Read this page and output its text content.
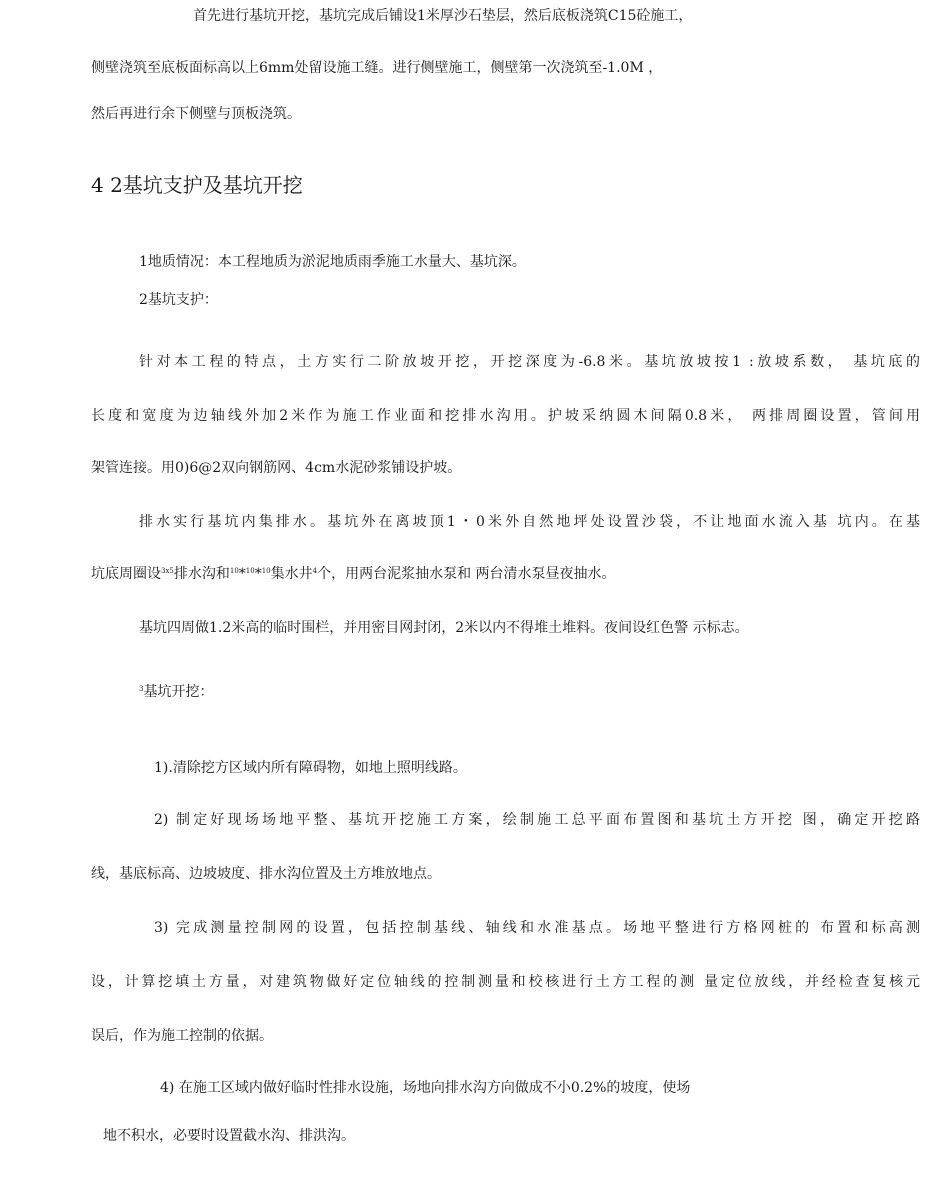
首先进行基坑开挖，基坑完成后铺设1米厚沙石垫层，然后底板浇筑C15砼施工，
侧壁浇筑至底板面标高以上6mm处留设施工缝。进行侧壁施工，侧壁第一次浇筑至-1.0M ，
然后再进行余下侧壁与顶板浇筑。
4 2基坑支护及基坑开挖
1地质情况：本工程地质为淤泥地质雨季施工水量大、基坑深。
2基坑支护：
针对本工程的特点，土方实行二阶放坡开挖，开挖深度为-6.8米。基坑放坡按1 :放坡系数， 基坑底的
长度和宽度为边轴线外加2米作为施工作业面和挖排水沟用。护坡采纳圆木间隔0.8米， 两排周圈设置，管间用
架管连接。用0)6@2双向钢筋网、4cm水泥砂浆铺设护坡。
排水实行基坑内集排水。基坑外在离坡顶1・0米外自然地坪处设置沙袋，不让地面水流入基 坑内。在基
坑底周圈设$^{3x5}$排水沟和$^{10}$*$^{10}$*$^{10}$集水井$^4$个，用两台泥浆抽水泵和 两台清水泵昼夜抽水。
基坑四周做1.2米高的临时围栏，并用密目网封闭，2米以内不得堆土堆料。夜间设红色警 示标志。
$^3$基坑开挖：
1).清除挖方区域内所有障碍物，如地上照明线路。
2) 制定好现场场地平整、基坑开挖施工方案，绘制施工总平面布置图和基坑土方开挖 图，确定开挖路
线，基底标高、边坡坡度、排水沟位置及土方堆放地点。
3) 完成测量控制网的设置，包括控制基线、轴线和水准基点。场地平整进行方格网桩的 布置和标高测
设，计算挖填土方量，对建筑物做好定位轴线的控制测量和校核进行土方工程的测 量定位放线，并经检查复核元
误后，作为施工控制的依据。
4) 在施工区域内做好临时性排水设施，场地向排水沟方向做成不小0.2%的坡度，使场
地不积水，必要时设置截水沟、排洪沟。
